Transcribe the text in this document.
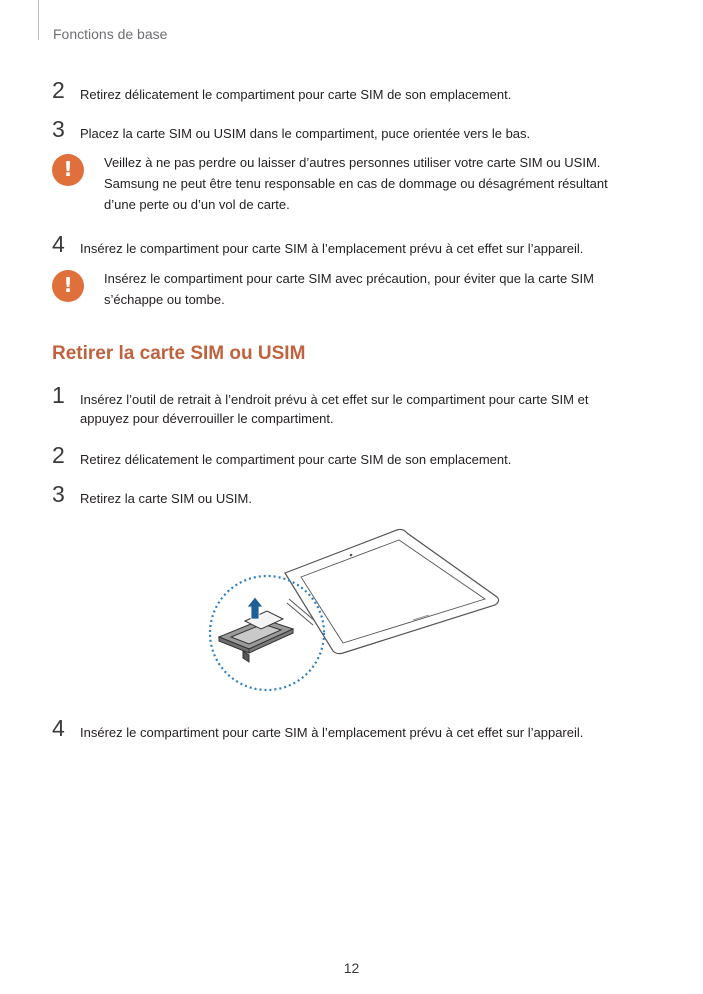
Fonctions de base
2 Retirez délicatement le compartiment pour carte SIM de son emplacement.
3 Placez la carte SIM ou USIM dans le compartiment, puce orientée vers le bas.
!	Veillez à ne pas perdre ou laisser d’autres personnes utiliser votre carte SIM ou USIM. Samsung ne peut être tenu responsable en cas de dommage ou désagrément résultant d’une perte ou d’un vol de carte.
4 Insérez le compartiment pour carte SIM à l’emplacement prévu à cet effet sur l’appareil.
!	Insérez le compartiment pour carte SIM avec précaution, pour éviter que la carte SIM s’échappe ou tombe.
Retirer la carte SIM ou USIM
1 Insérez l’outil de retrait à l’endroit prévu à cet effet sur le compartiment pour carte SIM et appuyez pour déverrouiller le compartiment.
2 Retirez délicatement le compartiment pour carte SIM de son emplacement.
3 Retirez la carte SIM ou USIM.
4 Insérez le compartiment pour carte SIM à l’emplacement prévu à cet effet sur l’appareil.
12
